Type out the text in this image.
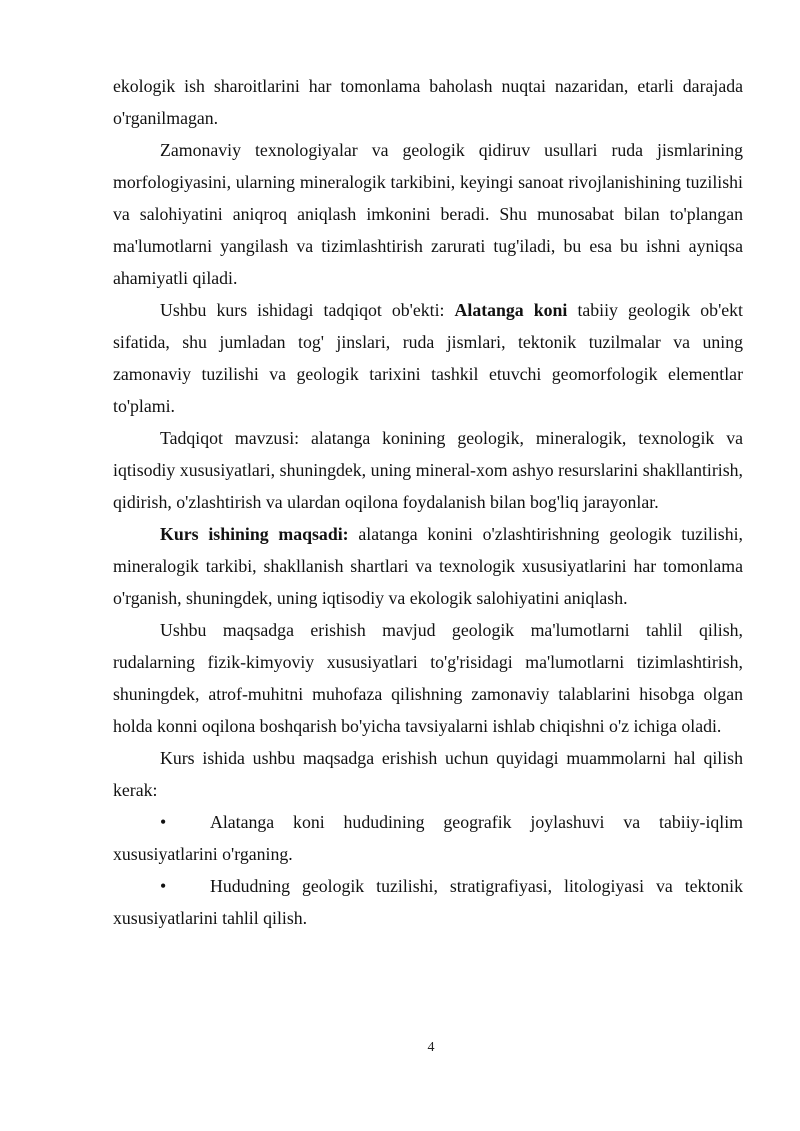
ekologik ish sharoitlarini har tomonlama baholash nuqtai nazaridan, etarli darajada o'rganilmagan.

Zamonaviy texnologiyalar va geologik qidiruv usullari ruda jismlarining morfologiyasini, ularning mineralogik tarkibini, keyingi sanoat rivojlanishining tuzilishi va salohiyatini aniqroq aniqlash imkonini beradi. Shu munosabat bilan to'plangan ma'lumotlarni yangilash va tizimlashtirish zarurati tug'iladi, bu esa bu ishni ayniqsa ahamiyatli qiladi.

Ushbu kurs ishidagi tadqiqot ob'ekti: Alatanga koni tabiiy geologik ob'ekt sifatida, shu jumladan tog' jinslari, ruda jismlari, tektonik tuzilmalar va uning zamonaviy tuzilishi va geologik tarixini tashkil etuvchi geomorfologik elementlar to'plami.

Tadqiqot mavzusi: alatanga konining geologik, mineralogik, texnologik va iqtisodiy xususiyatlari, shuningdek, uning mineral-xom ashyo resurslarini shakllantirish, qidirish, o'zlashtirish va ulardan oqilona foydalanish bilan bog'liq jarayonlar.

Kurs ishining maqsadi: alatanga konini o'zlashtirishning geologik tuzilishi, mineralogik tarkibi, shakllanish shartlari va texnologik xususiyatlarini har tomonlama o'rganish, shuningdek, uning iqtisodiy va ekologik salohiyatini aniqlash.

Ushbu maqsadga erishish mavjud geologik ma'lumotlarni tahlil qilish, rudalarning fizik-kimyoviy xususiyatlari to'g'risidagi ma'lumotlarni tizimlashtirish, shuningdek, atrof-muhitni muhofaza qilishning zamonaviy talablarini hisobga olgan holda konni oqilona boshqarish bo'yicha tavsiyalarni ishlab chiqishni o'z ichiga oladi.

Kurs ishida ushbu maqsadga erishish uchun quyidagi muammolarni hal qilish kerak:

• Alatanga koni hududining geografik joylashuvi va tabiiy-iqlim xususiyatlarini o'rganing.

• Hududning geologik tuzilishi, stratigrafiyasi, litologiyasi va tektonik xususiyatlarini tahlil qilish.

4
